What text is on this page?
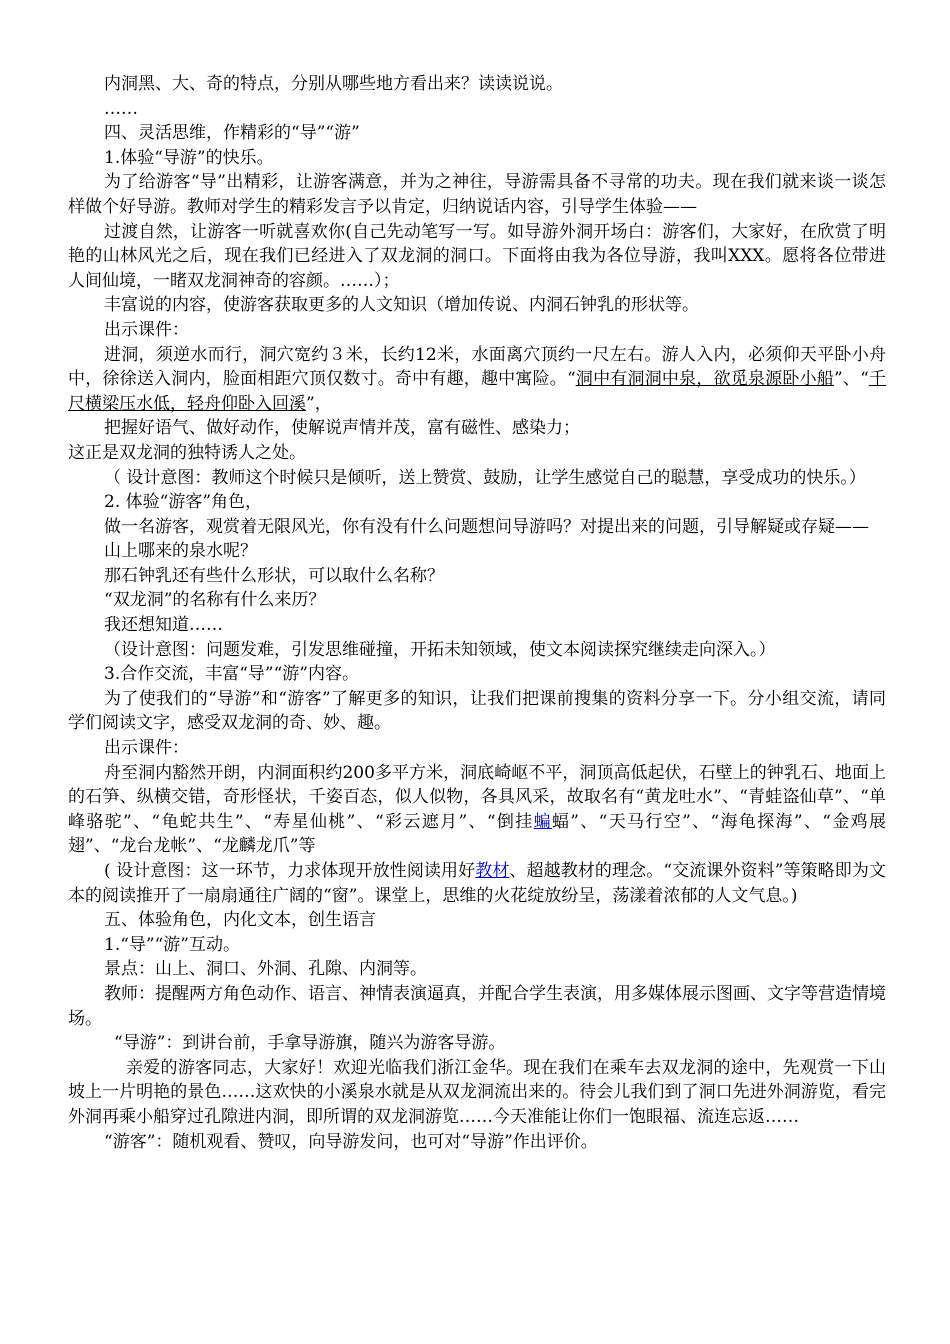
内洞黑、大、奇的特点，分别从哪些地方看出来？读读说说。

……

四、灵活思维，作精彩的“导”“游”

1.体验“导游”的快乐。

为了给游客“导”出精彩，让游客满意，并为之神往，导游需具备不寻常的功夫。现在我们就来谈一谈怎样做个好导游。教师对学生的精彩发言予以肯定，归纳说话内容，引导学生体验——

过渡自然，让游客一听就喜欢你(自己先动笔写一写。如导游外洞开场白：游客们，大家好，在欣赏了明艳的山林风光之后，现在我们已经进入了双龙洞的洞口。下面将由我为各位导游，我叫XXX。愿将各位带进人间仙境，一睹双龙洞神奇的容颜。……）；

丰富说的内容，使游客获取更多的人文知识（增加传说、内洞石钟乳的形状等。

出示课件：

进洞，须逆水而行，洞穴宽约３米，长约12米，水面离穴顶约一尺左右。游人入内，必须仰天平卧小舟中，徐徐送入洞内，脸面相距穴顶仅数寸。奇中有趣，趣中寓险。“洞中有洞洞中泉，欲觅泉源卧小船”、“千尺横梁压水低，轻舟仰卧入回溪”，

把握好语气、做好动作，使解说声情并茂，富有磁性、感染力；

这正是双龙洞的独特诱人之处。

（ 设计意图：教师这个时候只是倾听，送上赞赏、鼓励，让学生感觉自己的聪慧，享受成功的快乐。）

2. 体验“游客”角色，

做一名游客，观赏着无限风光，你有没有什么问题想问导游吗？对提出来的问题，引导解疑或存疑——

山上哪来的泉水呢？

那石钟乳还有些什么形状，可以取什么名称？

“双龙洞”的名称有什么来历？

我还想知道……

（设计意图：问题发难，引发思维碰撞，开拓未知领域，使文本阅读探究继续走向深入。）

3.合作交流，丰富“导”“游”内容。

为了使我们的“导游”和“游客”了解更多的知识，让我们把课前搜集的资料分享一下。分小组交流，请同学们阅读文字，感受双龙洞的奇、妙、趣。

出示课件：

舟至洞内豁然开朗，内洞面积约200多平方米，洞底崎岖不平，洞顶高低起伏，石壁上的钟乳石、地面上的石笋、纵横交错，奇形怪状，千姿百态，似人似物，各具风采，故取名有“黄龙吐水”、“青蛙盗仙草”、“单峰骆驼”、“龟蛇共生”、“寿星仙桃”、“彩云遮月”、“倒挂蝙蝠”、“天马行空”、“海龟探海”、“金鸡展翅”、“龙台龙帐”、“龙麟龙爪”等

( 设计意图：这一环节，力求体现开放性阅读用好教材、超越教材的理念。“交流课外资料”等策略即为文本的阅读推开了一扇扇通往广阔的“窗”。课堂上，思维的火花绽放纷呈，荡漾着浓郁的人文气息。)

五、体验角色，内化文本，创生语言

1.“导”“游”互动。

景点：山上、洞口、外洞、孔隙、内洞等。

教师：提醒两方角色动作、语言、神情表演逼真，并配合学生表演，用多媒体展示图画、文字等营造情境场。

“导游”：到讲台前，手拿导游旗，随兴为游客导游。

亲爱的游客同志，大家好！欢迎光临我们浙江金华。现在我们在乘车去双龙洞的途中，先观赏一下山坡上一片明艳的景色……这欢快的小溪泉水就是从双龙洞流出来的。待会儿我们到了洞口先进外洞游览，看完外洞再乘小船穿过孔隙进内洞，即所谓的双龙洞游览……今天准能让你们一饱眼福、流连忘返……

“游客”：随机观看、赞叹，向导游发问，也可对“导游”作出评价。
